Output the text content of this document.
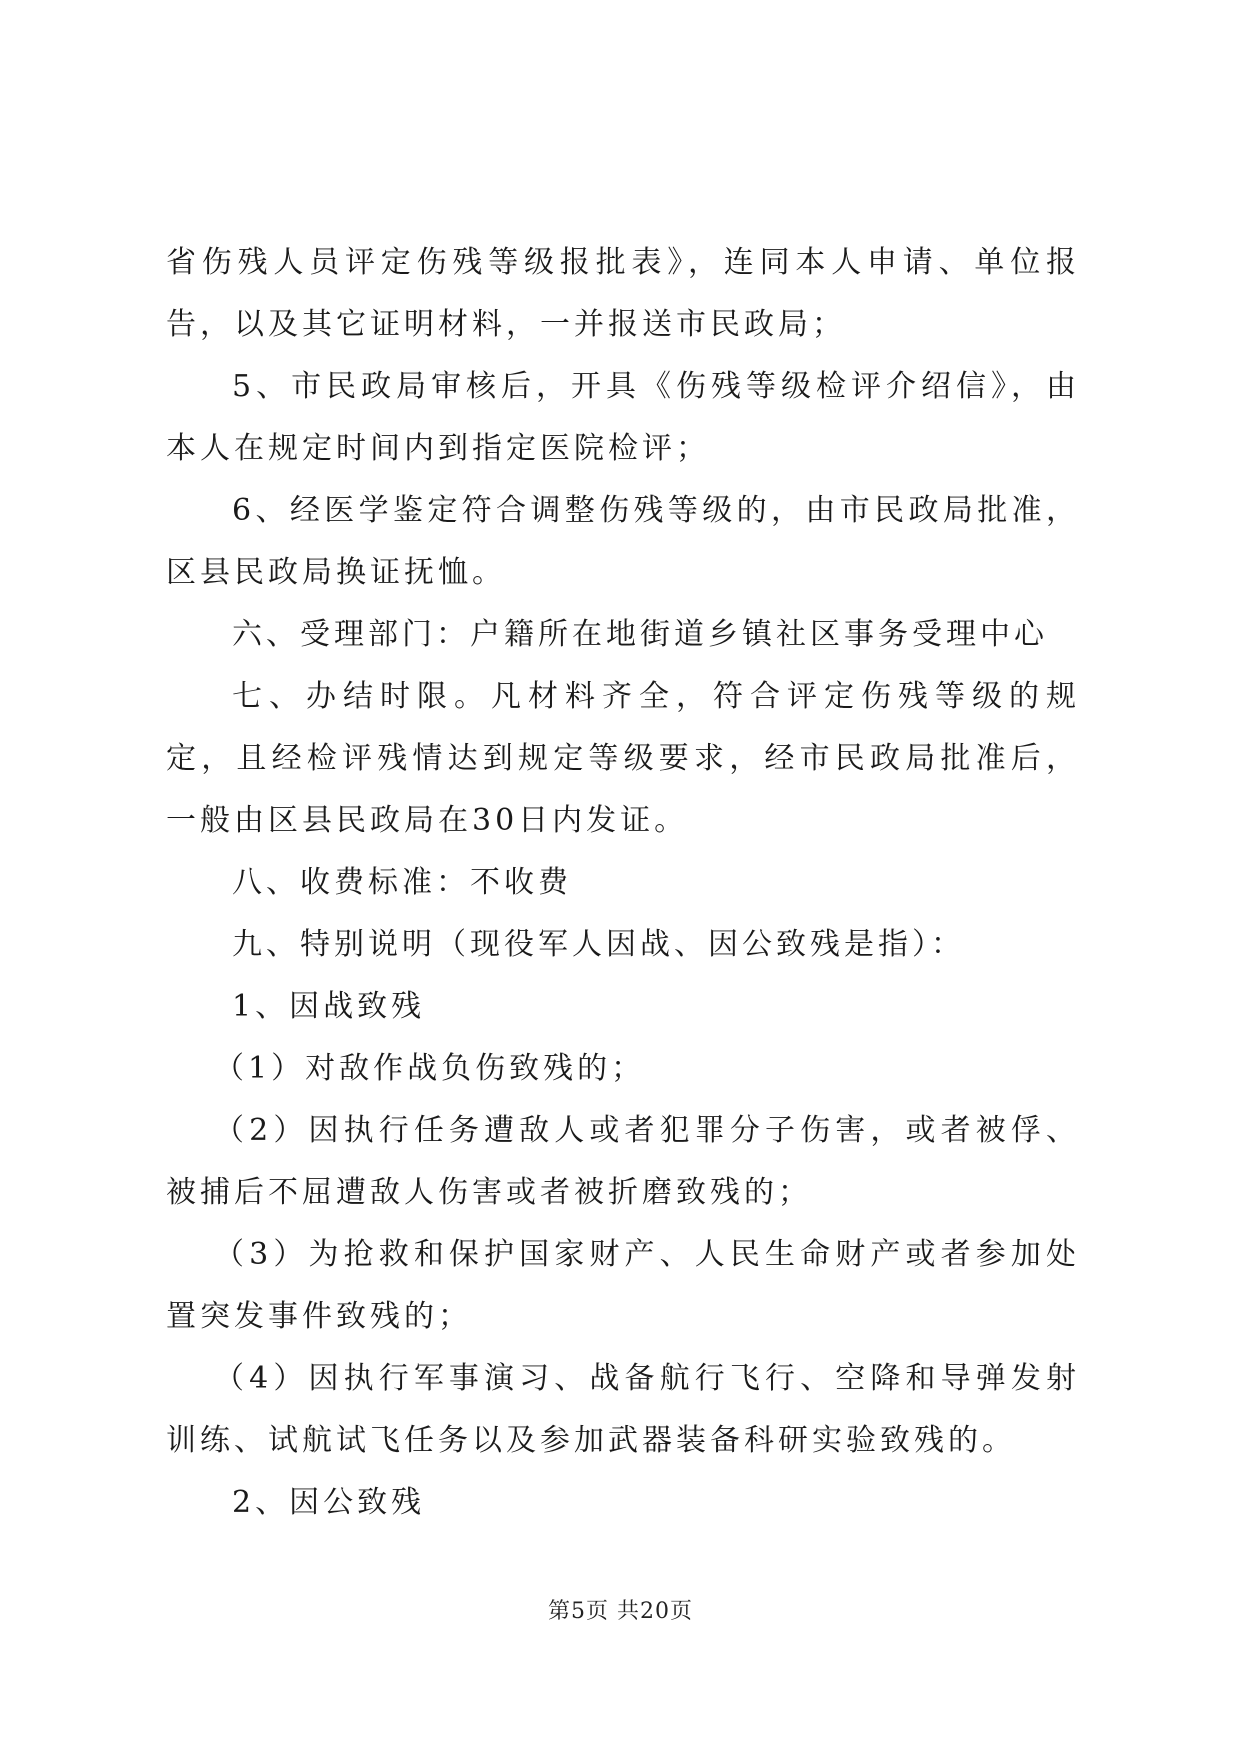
省伤残人员评定伤残等级报批表》，连同本人申请、单位报告，以及其它证明材料，一并报送市民政局；

5、市民政局审核后，开具《伤残等级检评介绍信》，由本人在规定时间内到指定医院检评；

6、经医学鉴定符合调整伤残等级的，由市民政局批准，区县民政局换证抚恤。

六、受理部门：户籍所在地街道乡镇社区事务受理中心

七、办结时限。凡材料齐全，符合评定伤残等级的规定，且经检评残情达到规定等级要求，经市民政局批准后，一般由区县民政局在30日内发证。

八、收费标准：不收费

九、特别说明（现役军人因战、因公致残是指）：

1、因战致残

（1）对敌作战负伤致残的；

（2）因执行任务遭敌人或者犯罪分子伤害，或者被俘、被捕后不屈遭敌人伤害或者被折磨致残的；

（3）为抢救和保护国家财产、人民生命财产或者参加处置突发事件致残的；

（4）因执行军事演习、战备航行飞行、空降和导弹发射训练、试航试飞任务以及参加武器装备科研实验致残的。

2、因公致残

第5页 共20页
